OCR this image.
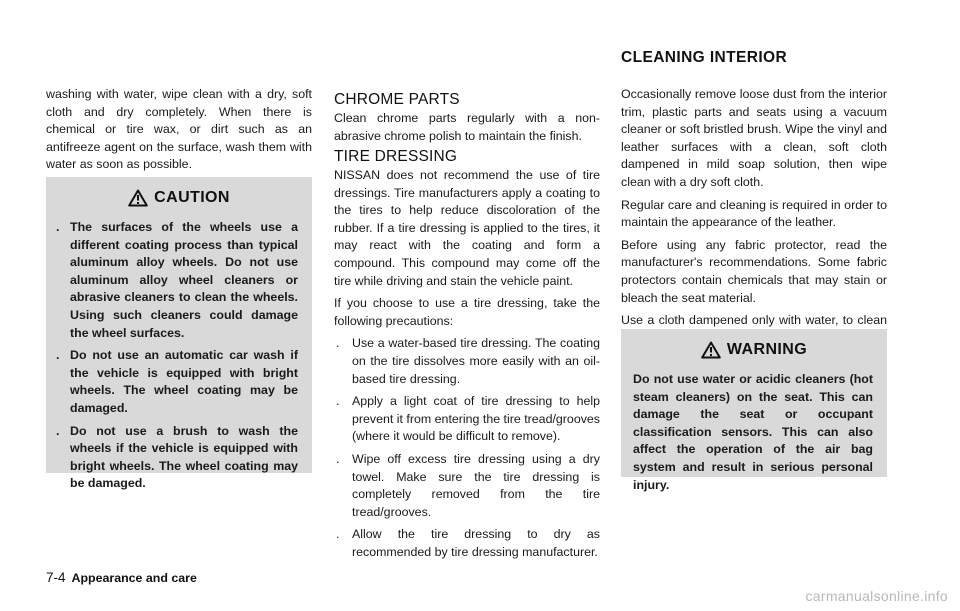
washing with water, wipe clean with a dry, soft cloth and dry completely. When there is chemical or tire wax, or dirt such as an antifreeze agent on the surface, wash them with water as soon as possible.

CAUTION
. The surfaces of the wheels use a different coating process than typical aluminum alloy wheels. Do not use aluminum alloy wheel cleaners or abrasive cleaners to clean the wheels. Using such cleaners could damage the wheel surfaces.
. Do not use an automatic car wash if the vehicle is equipped with bright wheels. The wheel coating may be damaged.
. Do not use a brush to wash the wheels if the vehicle is equipped with bright wheels. The wheel coating may be damaged.
CHROME PARTS

Clean chrome parts regularly with a non-abrasive chrome polish to maintain the finish.

TIRE DRESSING

NISSAN does not recommend the use of tire dressings. Tire manufacturers apply a coating to the tires to help reduce discoloration of the rubber. If a tire dressing is applied to the tires, it may react with the coating and form a compound. This compound may come off the tire while driving and stain the vehicle paint.

If you choose to use a tire dressing, take the following precautions:

. Use a water-based tire dressing. The coating on the tire dissolves more easily with an oil-based tire dressing.
. Apply a light coat of tire dressing to help prevent it from entering the tire tread/grooves (where it would be difficult to remove).
. Wipe off excess tire dressing using a dry towel. Make sure the tire dressing is completely removed from the tire tread/grooves.
. Allow the tire dressing to dry as recommended by tire dressing manufacturer.
CLEANING INTERIOR

Occasionally remove loose dust from the interior trim, plastic parts and seats using a vacuum cleaner or soft bristled brush. Wipe the vinyl and leather surfaces with a clean, soft cloth dampened in mild soap solution, then wipe clean with a dry soft cloth.

Regular care and cleaning is required in order to maintain the appearance of the leather.

Before using any fabric protector, read the manufacturer's recommendations. Some fabric protectors contain chemicals that may stain or bleach the seat material.

Use a cloth dampened only with water, to clean

WARNING

Do not use water or acidic cleaners (hot steam cleaners) on the seat. This can damage the seat or occupant classification sensors. This can also affect the operation of the air bag system and result in serious personal injury.

7-4 Appearance and care
carmanualsonline.info
